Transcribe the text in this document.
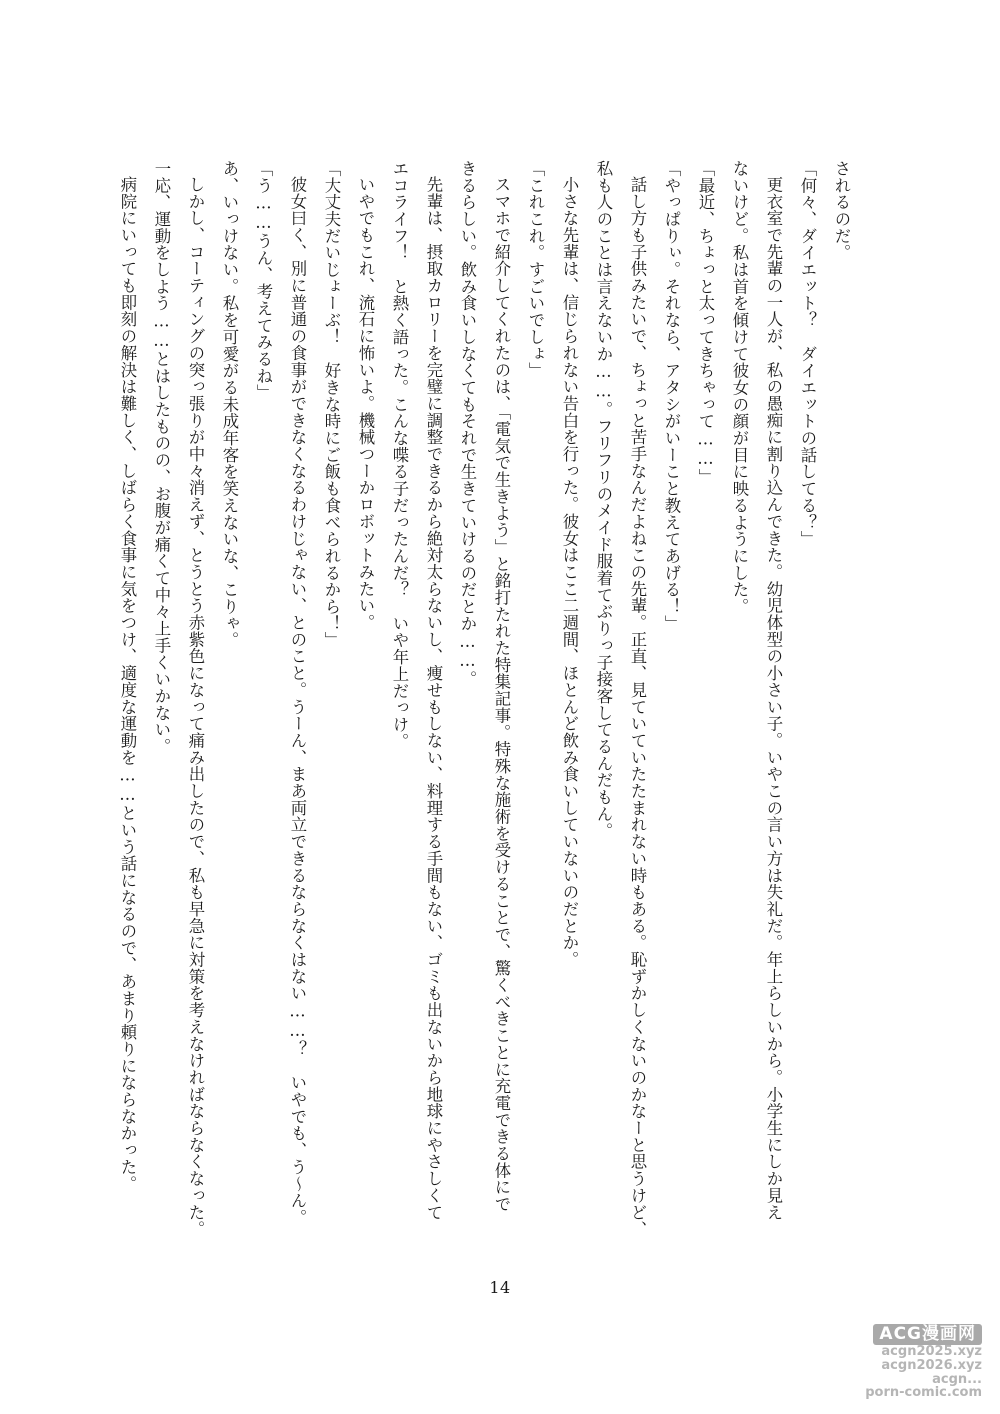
されるのだ。

「何々、ダイエット？　ダイエットの話してる？」

更衣室で先輩の一人が、私の愚痴に割り込んできた。幼児体型の小さい子。いやこの言い方は失礼だ。年上らしいから。小学生にしか見え

ないけど。私は首を傾けて彼女の顔が目に映るようにした。

「最近、ちょっと太ってきちゃって……」

「やっぱりぃ。それなら、アタシがいーこと教えてあげる！」

話し方も子供みたいで、ちょっと苦手なんだよねこの先輩。正直、見ていていたたまれない時もある。恥ずかしくないのかなーと思うけど、

私も人のことは言えないか……。フリフリのメイド服着てぶりっ子接客してるんだもん。

小さな先輩は、信じられない告白を行った。彼女はここ二週間、ほとんど飲み食いしていないのだとか。

「これこれ。すごいでしょ」

スマホで紹介してくれたのは、「電気で生きよう」と銘打たれた特集記事。特殊な施術を受けることで、驚くべきことに充電できる体にで

きるらしい。飲み食いしなくてもそれで生きていけるのだとか……。

先輩は、摂取カロリーを完璧に調整できるから絶対太らないし、痩せもしない、料理する手間もない、ゴミも出ないから地球にやさしくて

エコライフ！　と熱く語った。こんな喋る子だったんだ？　いや年上だっけ。

いやでもこれ、流石に怖いよ。機械つーかロボットみたい。

「大丈夫だいじょーぶ！　好きな時にご飯も食べられるから！」

彼女曰く、別に普通の食事ができなくなるわけじゃない、とのこと。うーん、まあ両立できるならなくはない……？　いやでも、う～ん。

「う……うん、考えてみるね」

あ、いっけない。私を可愛がる未成年客を笑えないな、こりゃ。

しかし、コーティングの突っ張りが中々消えず、とうとう赤紫色になって痛み出したので、私も早急に対策を考えなければならなくなった。

一応、運動をしよう……とはしたものの、お腹が痛くて中々上手くいかない。

病院にいっても即刻の解決は難しく、しばらく食事に気をつけ、適度な運動を……という話になるので、あまり頼りにならなかった。

14
ACG漫画网
acgn2025.xyz
acgn2026.xyz
acgn...
porn-comic.com
